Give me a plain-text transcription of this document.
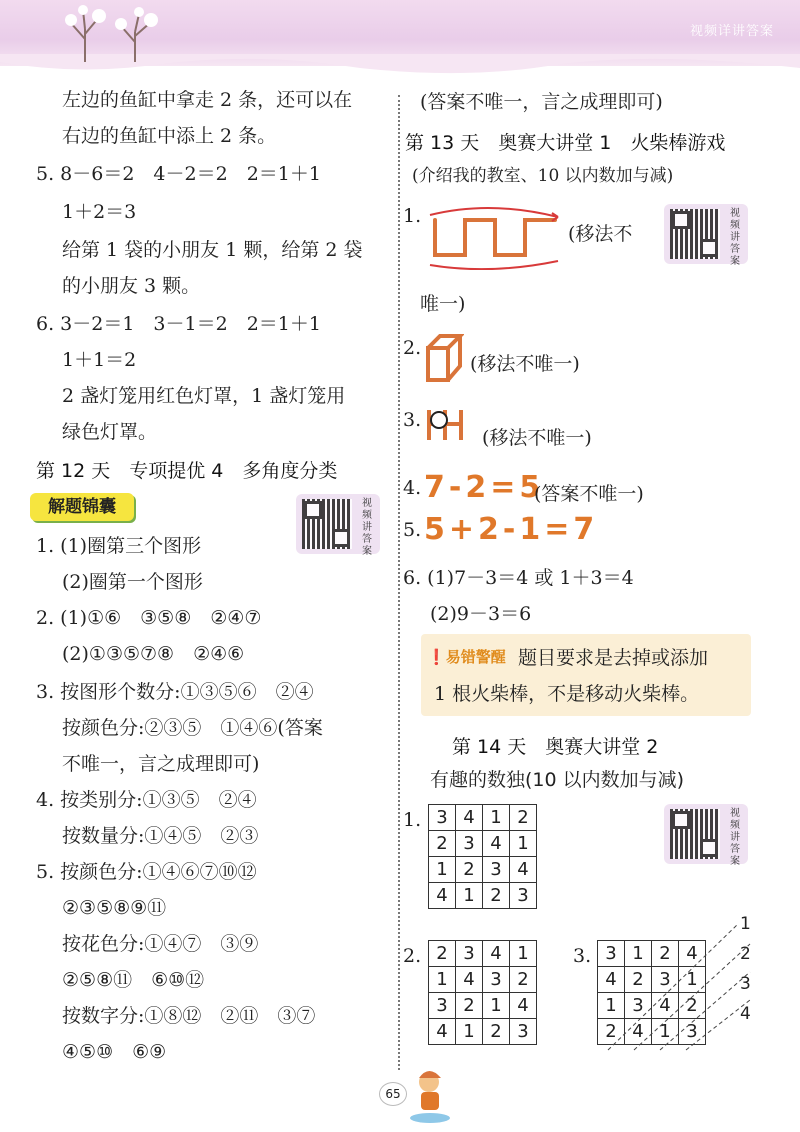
视频详讲答案
左边的鱼缸中拿走 2 条，还可以在
右边的鱼缸中添上 2 条。
5. 8－6＝2　4－2＝2　2＝1＋1
1＋2＝3
给第 1 袋的小朋友 1 颗，给第 2 袋
的小朋友 3 颗。
6. 3－2＝1　3－1＝2　2＝1＋1
1＋1＝2
2 盏灯笼用红色灯罩，1 盏灯笼用
绿色灯罩。
第 12 天　专项提优 4　多角度分类
解题锦囊	视频讲答案
1. (1)圈第三个图形
(2)圈第一个图形
2. (1)①⑥　③⑤⑧　②④⑦
(2)①③⑤⑦⑧　②④⑥
3. 按图形个数分:①③⑤⑥　②④
按颜色分:②③⑤　①④⑥(答案
不唯一，言之成理即可)
4. 按类别分:①③⑤　②④
按数量分:①④⑤　②③
5. 按颜色分:①④⑥⑦⑩⑫
②③⑤⑧⑨⑪
按花色分:①④⑦　③⑨
②⑤⑧⑪　⑥⑩⑫
按数字分:①⑧⑫　②⑪　③⑦
④⑤⑩　⑥⑨
(答案不唯一，言之成理即可)
第 13 天　奥赛大讲堂 1　火柴棒游戏
(介绍我的教室、10 以内数加与减)
视频讲答案
1.
(移法不
唯一)
2.
(移法不唯一)
3.
(移法不唯一)
4. 7-2=5
(答案不唯一)
5. 5+2-1=7
6. (1)7－3＝4 或 1＋3＝4
(2)9－3＝6
❗易错警醒 题目要求是去掉或添加
1 根火柴棒，不是移动火柴棒。
第 14 天　奥赛大讲堂 2
有趣的数独(10 以内数加与减)
视频讲答案
1. 3	4	1	2
2	3	4	1
1	2	3	4
4	1	2	3
2. 2	3	4	1
1	4	3	2
3	2	1	4
4	1	2	3
3. 3	1	2	4
4	2	3	1
1	3	4	2
2	4	1	3
1
2
3
4
65
